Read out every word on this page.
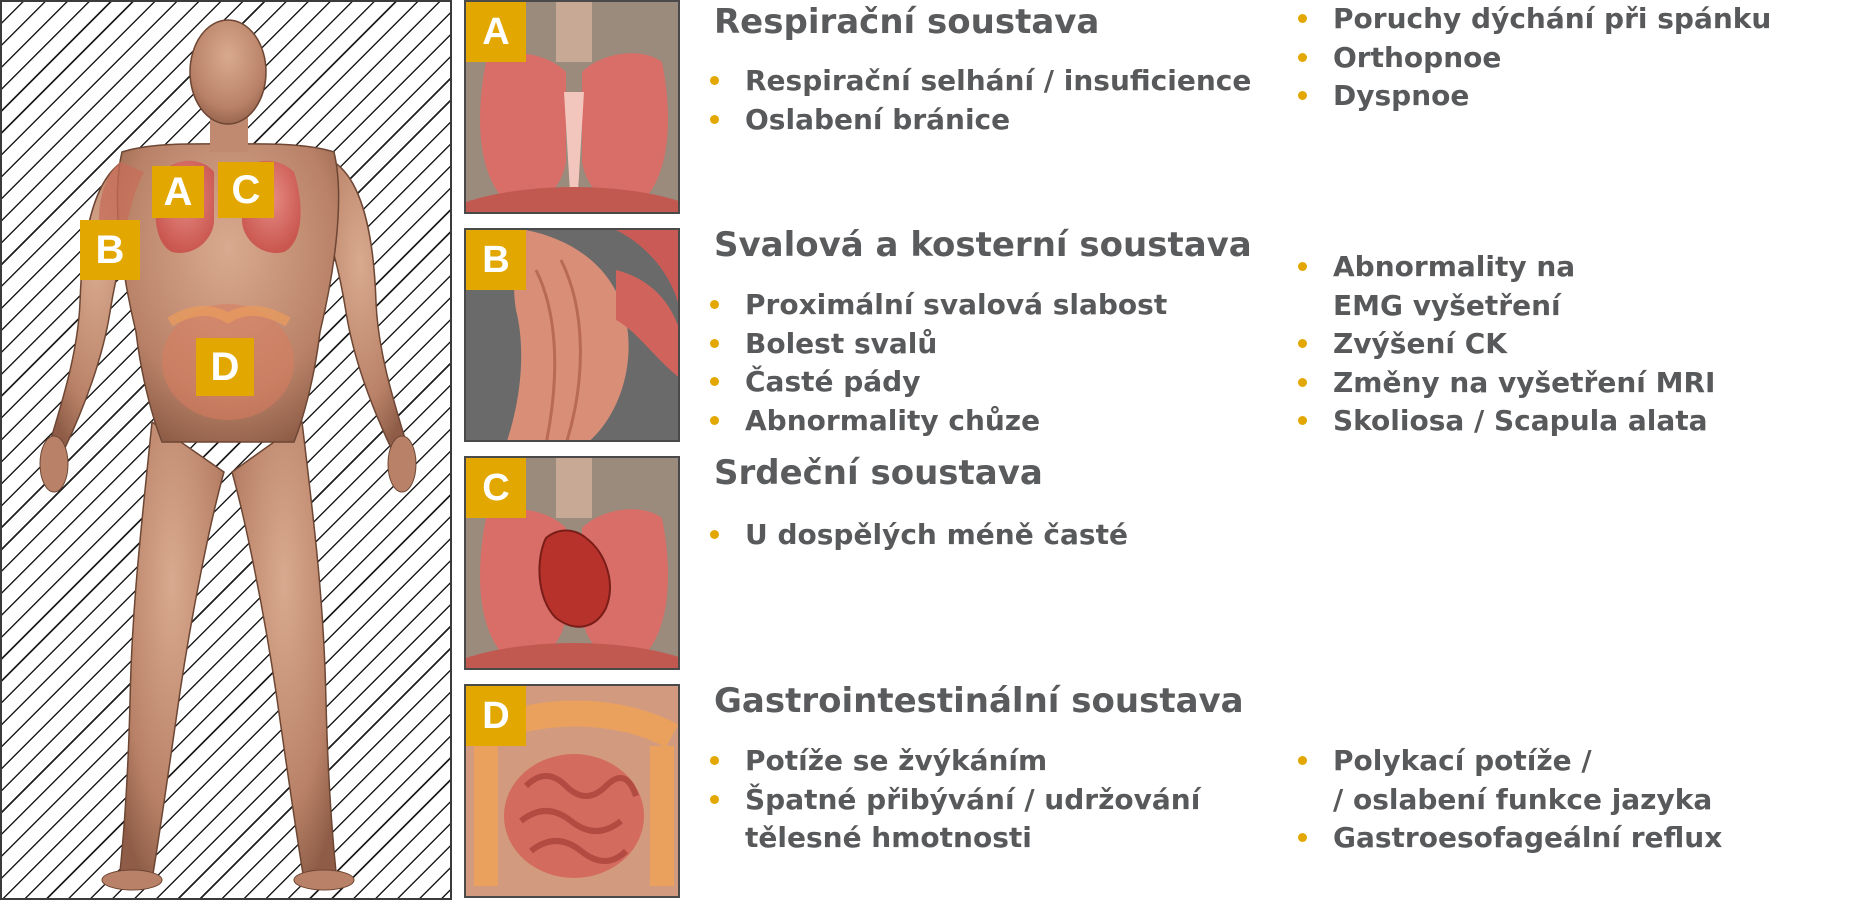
A C
B
D
A
B
C
D
Respirační soustava
Respirační selhání / insuficience
Oslabení bránice
Poruchy dýchání při spánku
Orthopnoe
Dyspnoe
Svalová a kosterní soustava
Proximální svalová slabost
Bolest svalů
Časté pády
Abnormality chůze
Abnormality na
EMG vyšetření
Zvýšení CK
Změny na vyšetření MRI
Skoliosa / Scapula alata
Srdeční soustava
U dospělých méně časté
Gastrointestinální soustava
Potíže se žvýkáním
Špatné přibývání / udržování
tělesné hmotnosti
Polykací potíže /
/ oslabení funkce jazyka
Gastroesofageální reflux
